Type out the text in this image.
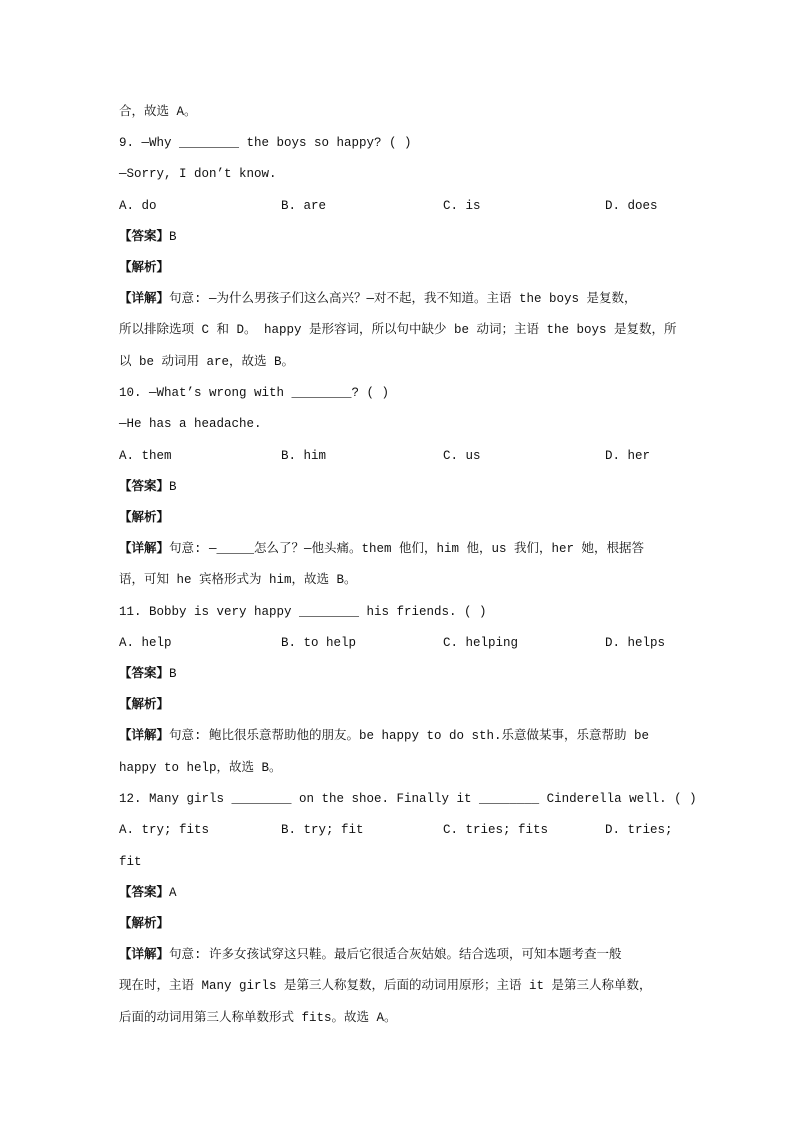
合，故选 A。
9. —Why ________ the boys so happy? ( )
—Sorry, I don’t know.
A. do	B. are	C. is	D. does
【答案】B
【解析】
【详解】句意: —为什么男孩子们这么高兴？—对不起，我不知道。主语 the boys 是复数，
所以排除选项 C 和 D。 happy 是形容词，所以句中缺少 be 动词；主语 the boys 是复数，所
以 be 动词用 are，故选 B。
10. —What’s wrong with ________? ( )
—He has a headache.
A. them	B. him	C. us	D. her
【答案】B
【解析】
【详解】句意: —_____怎么了？—他头痛。them 他们，him 他，us 我们，her 她，根据答
语，可知 he 宾格形式为 him，故选 B。
11. Bobby is very happy ________ his friends. ( )
A. help	B. to help	C. helping	D. helps
【答案】B
【解析】
【详解】句意: 鲍比很乐意帮助他的朋友。be happy to do sth.乐意做某事，乐意帮助 be
happy to help，故选 B。
12. Many girls ________ on the shoe. Finally it ________ Cinderella well. ( )
A. try; fits	B. try; fit	C. tries; fits	D. tries;
fit
【答案】A
【解析】
【详解】句意: 许多女孩试穿这只鞋。最后它很适合灰姑娘。结合选项，可知本题考查一般
现在时，主语 Many girls 是第三人称复数，后面的动词用原形；主语 it 是第三人称单数，
后面的动词用第三人称单数形式 fits。故选 A。
